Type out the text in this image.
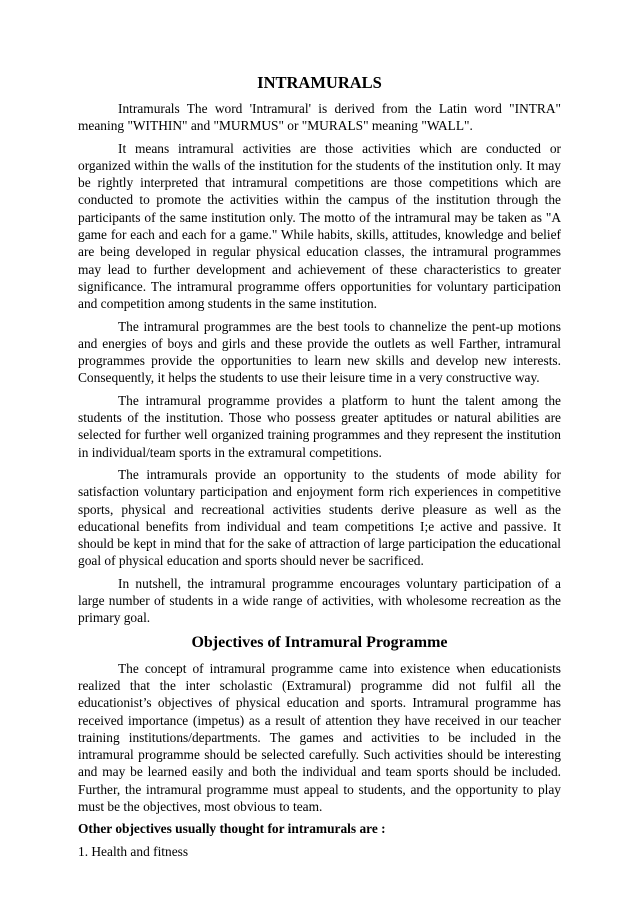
INTRAMURALS

Intramurals The word 'Intramural' is derived from the Latin word "INTRA" meaning "WITHIN" and "MURMUS" or "MURALS" meaning "WALL".

It means intramural activities are those activities which are conducted or organized within the walls of the institution for the students of the institution only. It may be rightly interpreted that intramural competitions are those competitions which are conducted to promote the activities within the campus of the institution through the participants of the same institution only. The motto of the intramural may be taken as "A game for each and each for a game." While habits, skills, attitudes, knowledge and belief are being developed in regular physical education classes, the intramural programmes may lead to further development and achievement of these characteristics to greater significance. The intramural programme offers opportunities for voluntary participation and competition among students in the same institution.

The intramural programmes are the best tools to channelize the pent-up motions and energies of boys and girls and these provide the outlets as well Farther, intramural programmes provide the opportunities to learn new skills and develop new interests. Consequently, it helps the students to use their leisure time in a very constructive way.

The intramural programme provides a platform to hunt the talent among the students of the institution. Those who possess greater aptitudes or natural abilities are selected for further well organized training programmes and they represent the institution in individual/team sports in the extramural competitions.

The intramurals provide an opportunity to the students of mode ability for satisfaction voluntary participation and enjoyment form rich experiences in competitive sports, physical and recreational activities students derive pleasure as well as the educational benefits from individual and team competitions I;e active and passive. It should be kept in mind that for the sake of attraction of large participation the educational goal of physical education and sports should never be sacrificed.

In nutshell, the intramural programme encourages voluntary participation of a large number of students in a wide range of activities, with wholesome recreation as the primary goal.

Objectives of Intramural Programme

The concept of intramural programme came into existence when educationists realized that the inter scholastic (Extramural) programme did not fulfil all the educationist’s objectives of physical education and sports. Intramural programme has received importance (impetus) as a result of attention they have received in our teacher training institutions/departments. The games and activities to be included in the intramural programme should be selected carefully. Such activities should be interesting and may be learned easily and both the individual and team sports should be included. Further, the intramural programme must appeal to students, and the opportunity to play must be the objectives, most obvious to team.

Other objectives usually thought for intramurals are :

1. Health and fitness
